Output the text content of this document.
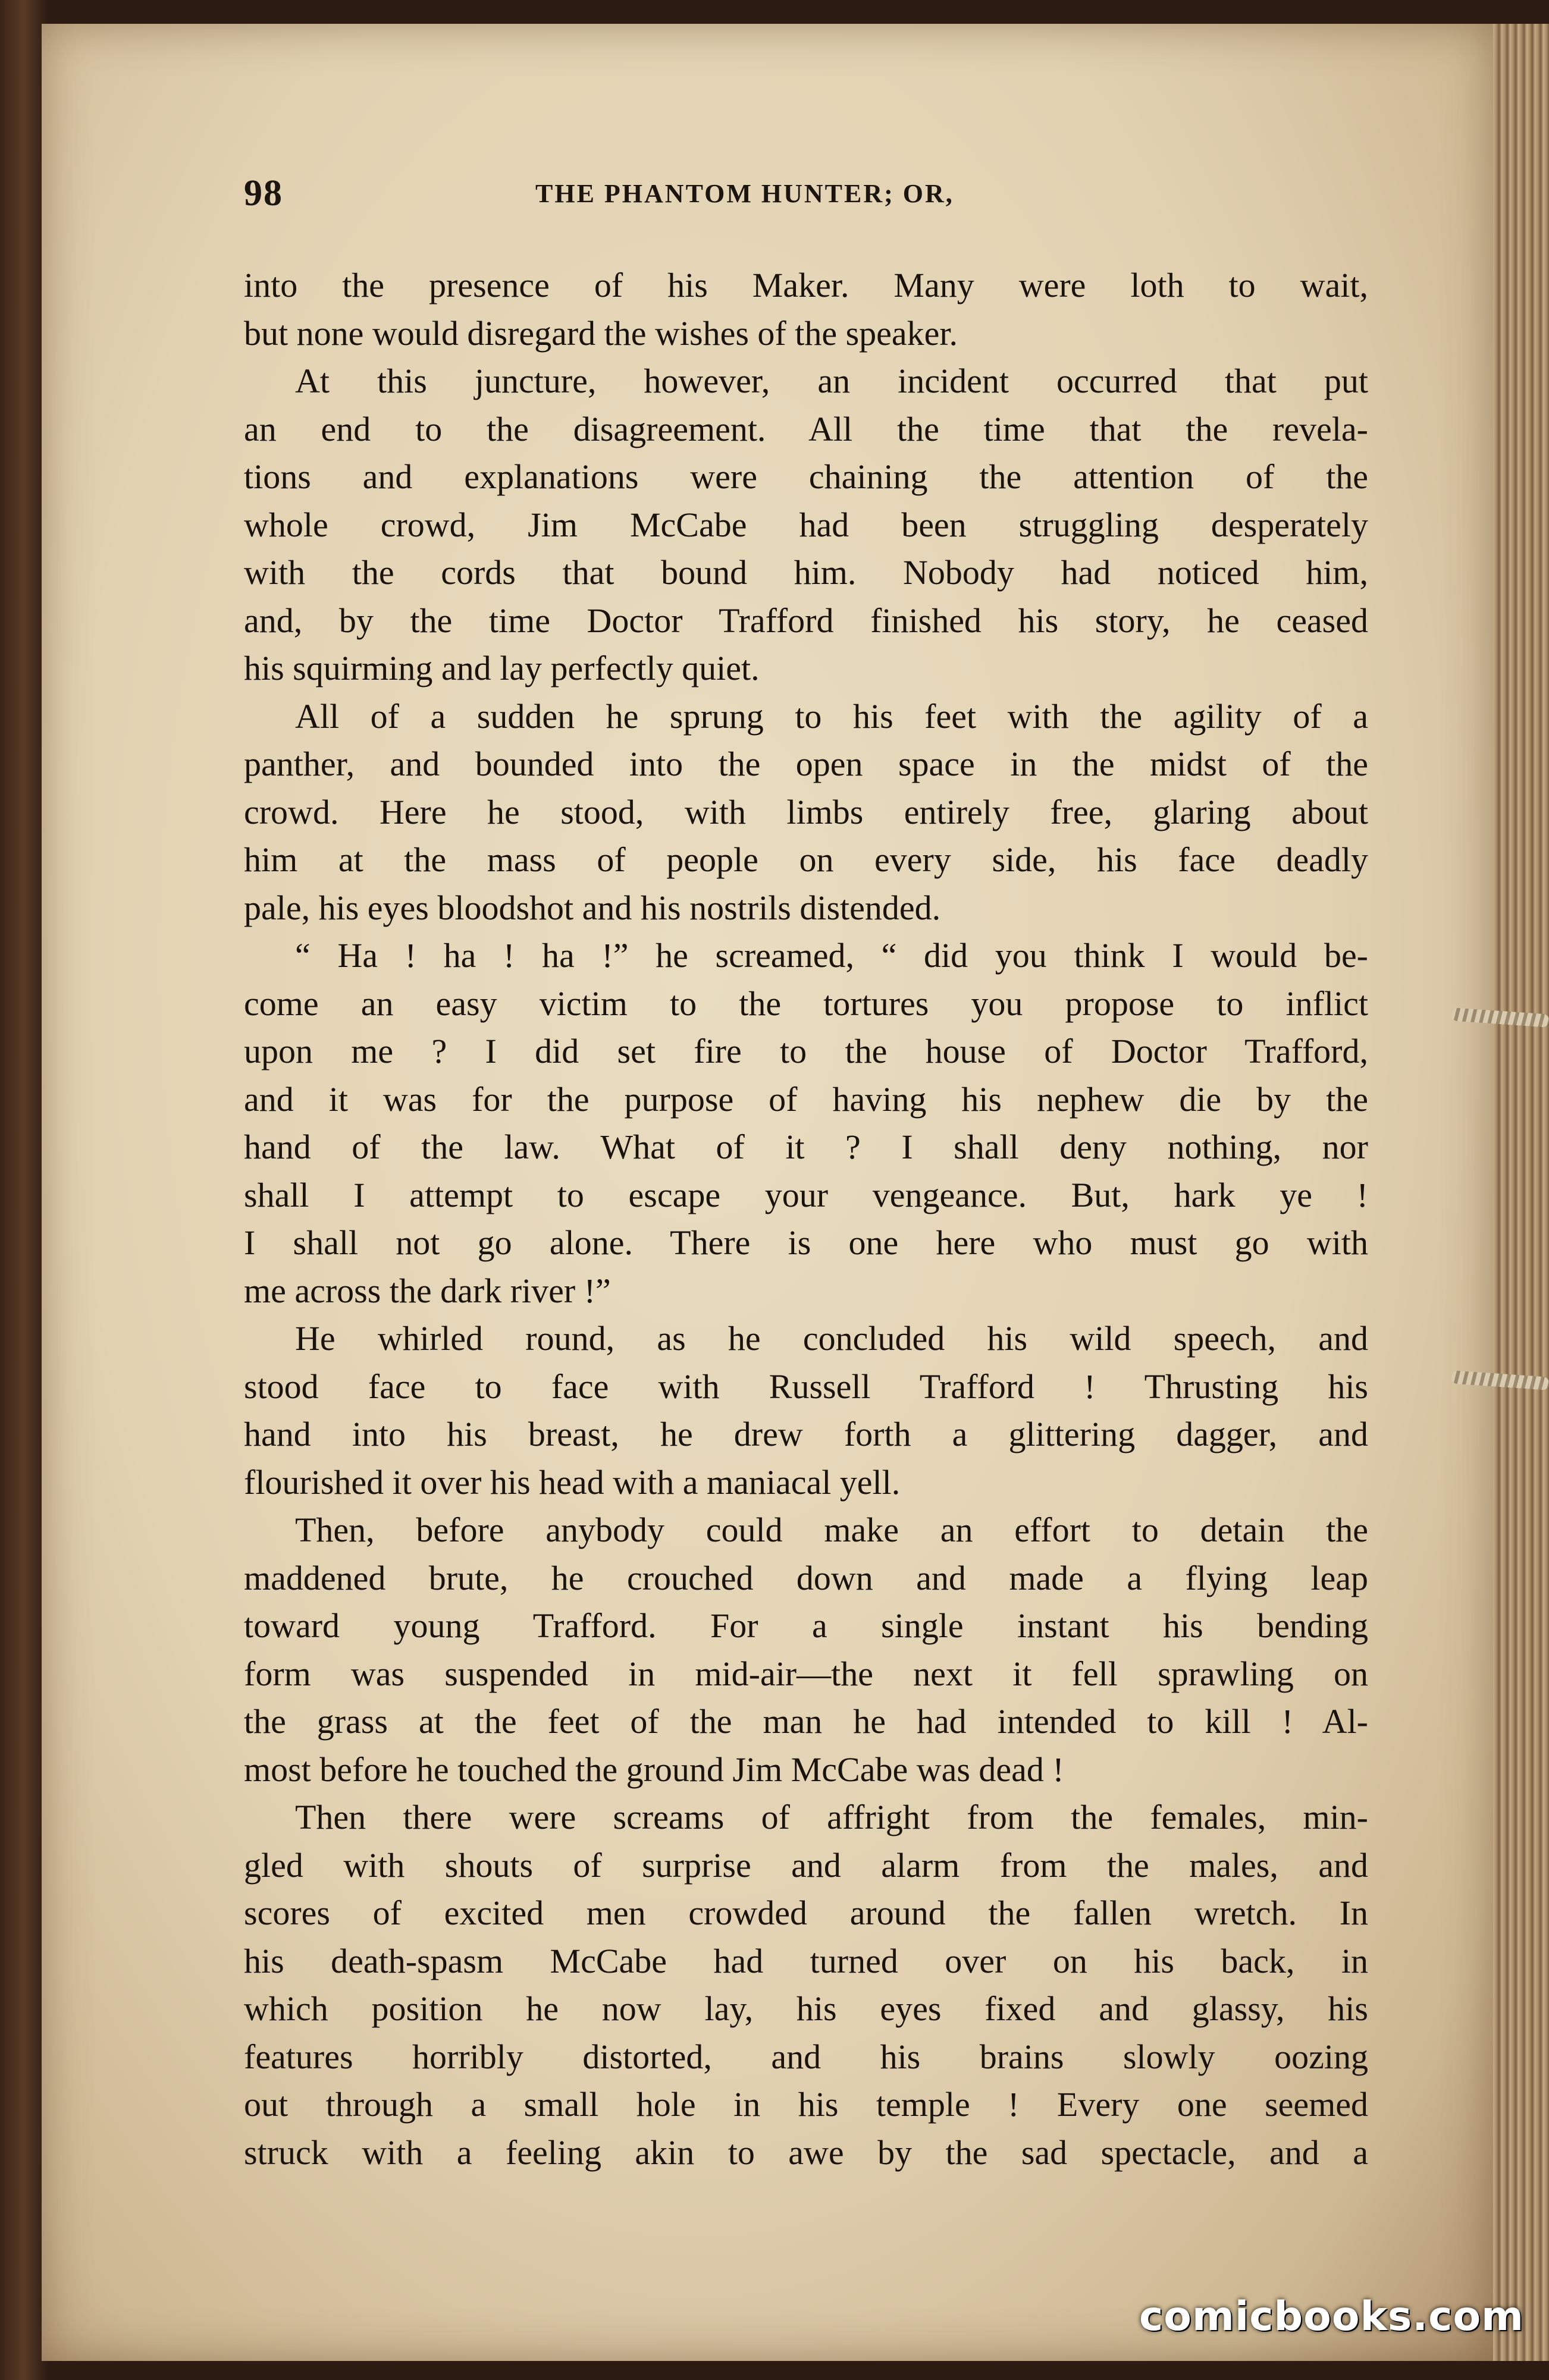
98	THE PHANTOM HUNTER; OR,
into the presence of his Maker. Many were loth to wait,
but none would disregard the wishes of the speaker.
At this juncture, however, an incident occurred that put
an end to the disagreement. All the time that the revela-
tions and explanations were chaining the attention of the
whole crowd, Jim McCabe had been struggling desperately
with the cords that bound him. Nobody had noticed him,
and, by the time Doctor Trafford finished his story, he ceased
his squirming and lay perfectly quiet.
All of a sudden he sprung to his feet with the agility of a
panther, and bounded into the open space in the midst of the
crowd. Here he stood, with limbs entirely free, glaring about
him at the mass of people on every side, his face deadly
pale, his eyes bloodshot and his nostrils distended.
“ Ha ! ha ! ha !” he screamed, “ did you think I would be-
come an easy victim to the tortures you propose to inflict
upon me ? I did set fire to the house of Doctor Trafford,
and it was for the purpose of having his nephew die by the
hand of the law. What of it ? I shall deny nothing, nor
shall I attempt to escape your vengeance. But, hark ye !
I shall not go alone. There is one here who must go with
me across the dark river !”
He whirled round, as he concluded his wild speech, and
stood face to face with Russell Trafford ! Thrusting his
hand into his breast, he drew forth a glittering dagger, and
flourished it over his head with a maniacal yell.
Then, before anybody could make an effort to detain the
maddened brute, he crouched down and made a flying leap
toward young Trafford. For a single instant his bending
form was suspended in mid-air—the next it fell sprawling on
the grass at the feet of the man he had intended to kill ! Al-
most before he touched the ground Jim McCabe was dead !
Then there were screams of affright from the females, min-
gled with shouts of surprise and alarm from the males, and
scores of excited men crowded around the fallen wretch. In
his death-spasm McCabe had turned over on his back, in
which position he now lay, his eyes fixed and glassy, his
features horribly distorted, and his brains slowly oozing
out through a small hole in his temple ! Every one seemed
struck with a feeling akin to awe by the sad spectacle, and a
comicbooks.com
